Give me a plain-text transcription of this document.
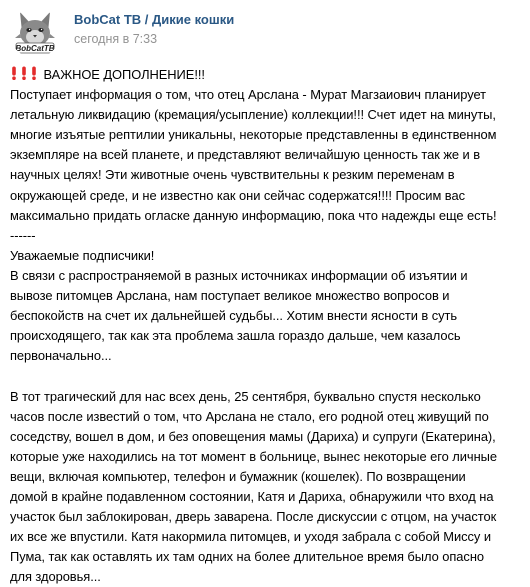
BobCatTB
BobCat TB / Дикие кошки
сегодня в 7:33
ВАЖНОЕ ДОПОЛНЕНИЕ!!!
Поступает информация о том, что отец Арслана - Мурат Магзаиович планирует
летальную ликвидацию (кремация/усыпление) коллекции!!! Счет идет на минуты,
многие изъятые рептилии уникальны, некоторые представленны в единственном
экземпляре на всей планете, и представляют величайшую ценность так же и в
научных целях! Эти животные очень чувствительны к резким переменам в
окружающей среде, и не известно как они сейчас содержатся!!!! Просим вас
максимально придать огласке данную информацию, пока что надежды еще есть!
------
Уважаемые подписчики!
В связи с распространяемой в разных источниках информации об изъятии и
вывозе питомцев Арслана, нам поступает великое множество вопросов и
беспокойств на счет их дальнейшей судьбы... Хотим внести ясности в суть
происходящего, так как эта проблема зашла гораздо дальше, чем казалось
первоначально...
В тот трагический для нас всех день, 25 сентября, буквально спустя несколько
часов после известий о том, что Арслана не стало, его родной отец живущий по
соседству, вошел в дом, и без оповещения мамы (Дариха) и супруги (Екатерина),
которые уже находились на тот момент в больнице, вынес некоторые его личные
вещи, включая компьютер, телефон и бумажник (кошелек). По возвращении
домой в крайне подавленном состоянии, Катя и Дариха, обнаружили что вход на
участок был заблокирован, дверь заварена. После дискуссии с отцом, на участок
их все же впустили. Катя накормила питомцев, и уходя забрала с собой Миссу и
Пума, так как оставлять их там одних на более длительное время было опасно
для здоровья...
